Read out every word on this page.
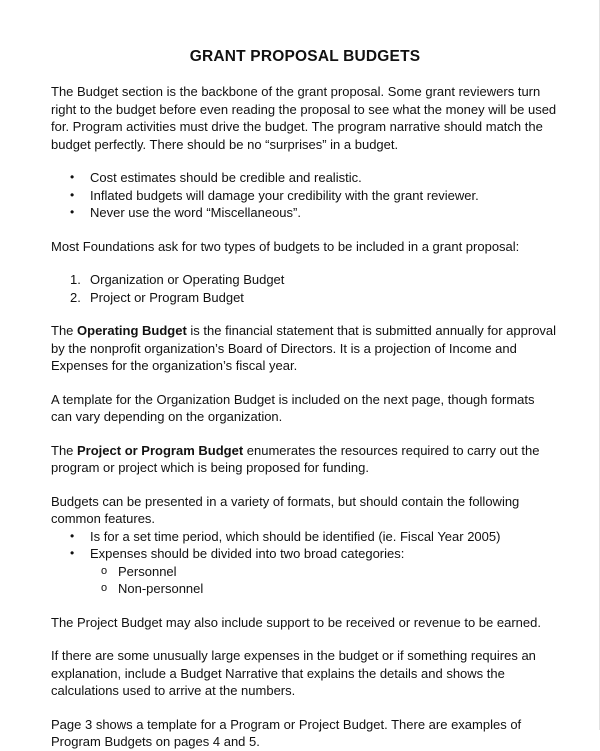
GRANT PROPOSAL BUDGETS

The Budget section is the backbone of the grant proposal. Some grant reviewers turn right to the budget before even reading the proposal to see what the money will be used for. Program activities must drive the budget. The program narrative should match the budget perfectly. There should be no “surprises” in a budget.

• Cost estimates should be credible and realistic.
• Inflated budgets will damage your credibility with the grant reviewer.
• Never use the word “Miscellaneous”.

Most Foundations ask for two types of budgets to be included in a grant proposal:

1. Organization or Operating Budget
2. Project or Program Budget

The Operating Budget is the financial statement that is submitted annually for approval by the nonprofit organization’s Board of Directors. It is a projection of Income and Expenses for the organization’s fiscal year.

A template for the Organization Budget is included on the next page, though formats can vary depending on the organization.

The Project or Program Budget enumerates the resources required to carry out the program or project which is being proposed for funding.

Budgets can be presented in a variety of formats, but should contain the following common features.

• Is for a set time period, which should be identified (ie. Fiscal Year 2005)
• Expenses should be divided into two broad categories:
o Personnel
o Non-personnel

The Project Budget may also include support to be received or revenue to be earned.

If there are some unusually large expenses in the budget or if something requires an explanation, include a Budget Narrative that explains the details and shows the calculations used to arrive at the numbers.

Page 3 shows a template for a Program or Project Budget. There are examples of Program Budgets on pages 4 and 5.
